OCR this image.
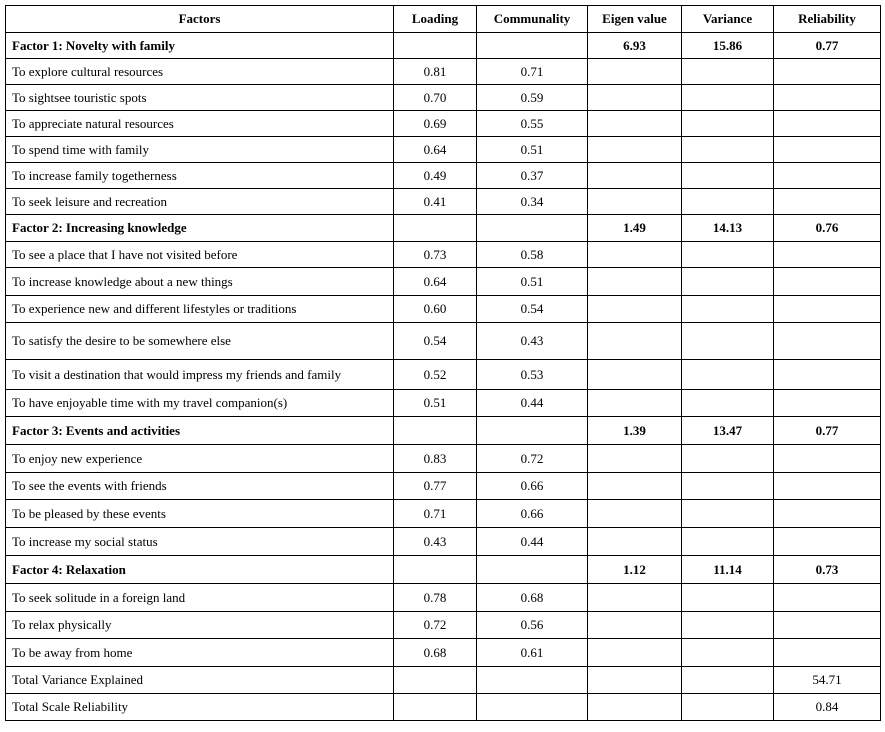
Factors	Loading	Communality	Eigen value	Variance	Reliability
Factor 1: Novelty with family			6.93	15.86	0.77
To explore cultural resources	0.81	0.71			
To sightsee touristic spots	0.70	0.59			
To appreciate natural resources	0.69	0.55			
To spend time with family	0.64	0.51			
To increase family togetherness	0.49	0.37			
To seek leisure and recreation	0.41	0.34			
Factor 2: Increasing knowledge			1.49	14.13	0.76
To see a place that I have not visited before	0.73	0.58			
To increase knowledge about a new things	0.64	0.51			
To experience new and different lifestyles or traditions	0.60	0.54			
To satisfy the desire to be somewhere else	0.54	0.43			
To visit a destination that would impress my friends and family	0.52	0.53			
To have enjoyable time with my travel companion(s)	0.51	0.44			
Factor 3: Events and activities			1.39	13.47	0.77
To enjoy new experience	0.83	0.72			
To see the events with friends	0.77	0.66			
To be pleased by these events	0.71	0.66			
To increase my social status	0.43	0.44			
Factor 4: Relaxation			1.12	11.14	0.73
To seek solitude in a foreign land	0.78	0.68			
To relax physically	0.72	0.56			
To be away from home	0.68	0.61			
Total Variance Explained					54.71
Total Scale Reliability					0.84
